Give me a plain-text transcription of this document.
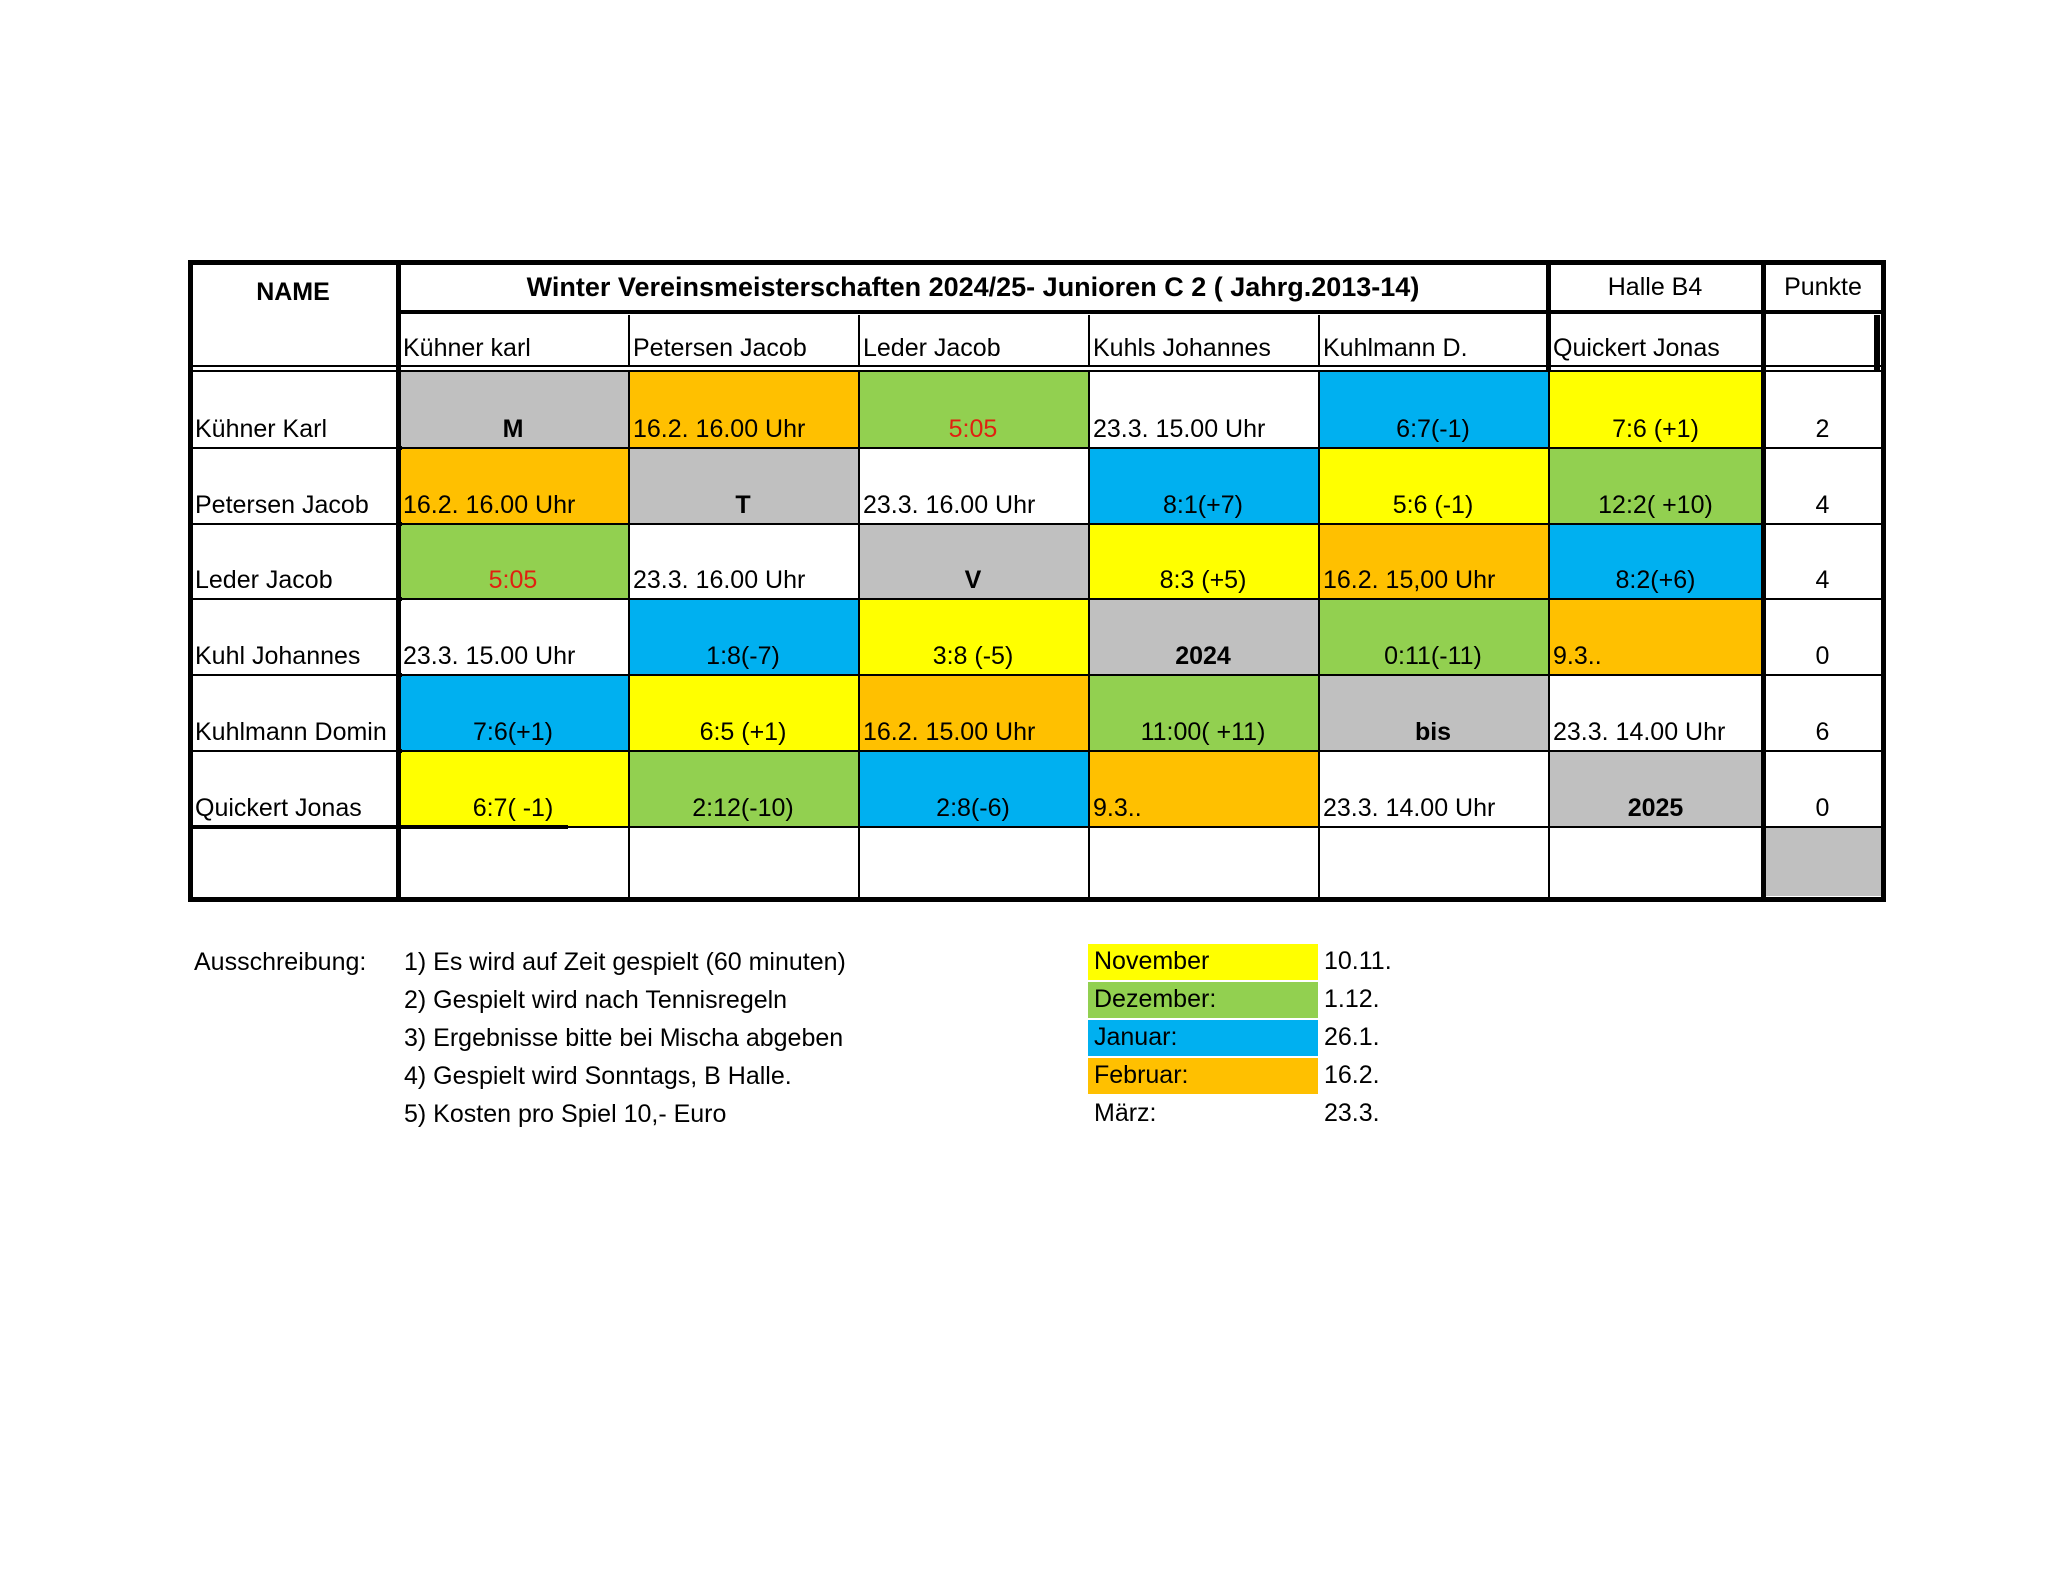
NAME	Winter Vereinsmeisterschaften 2024/25- Junioren C 2 ( Jahrg.2013-14)	Halle B4	Punkte
Kühner karl	Petersen Jacob	Leder Jacob	Kuhls Johannes	Kuhlmann D.	Quickert Jonas
Kühner Karl	M	16.2. 16.00 Uhr	5:05	23.3. 15.00 Uhr	6:7(-1)	7:6 (+1)	2
Petersen Jacob	16.2. 16.00 Uhr	T	23.3. 16.00 Uhr	8:1(+7)	5:6 (-1)	12:2( +10)	4
Leder Jacob	5:05	23.3. 16.00 Uhr	V	8:3 (+5)	16.2. 15,00 Uhr	8:2(+6)	4
Kuhl Johannes	23.3. 15.00 Uhr	1:8(-7)	3:8 (-5)	2024	0:11(-11)	9.3..	0
Kuhlmann Domin	7:6(+1)	6:5 (+1)	16.2. 15.00 Uhr	11:00( +11)	bis	23.3. 14.00 Uhr	6
Quickert Jonas	6:7( -1)	2:12(-10)	2:8(-6)	9.3..	23.3. 14.00 Uhr	2025	0
Ausschreibung: 1) Es wird auf Zeit gespielt (60 minuten)
2) Gespielt wird nach Tennisregeln
3) Ergebnisse bitte bei Mischa abgeben
4) Gespielt wird Sonntags, B Halle.
5) Kosten pro Spiel 10,- Euro
November	10.11.
Dezember:	1.12.
Januar:	26.1.
Februar:	16.2.
März:	23.3.
